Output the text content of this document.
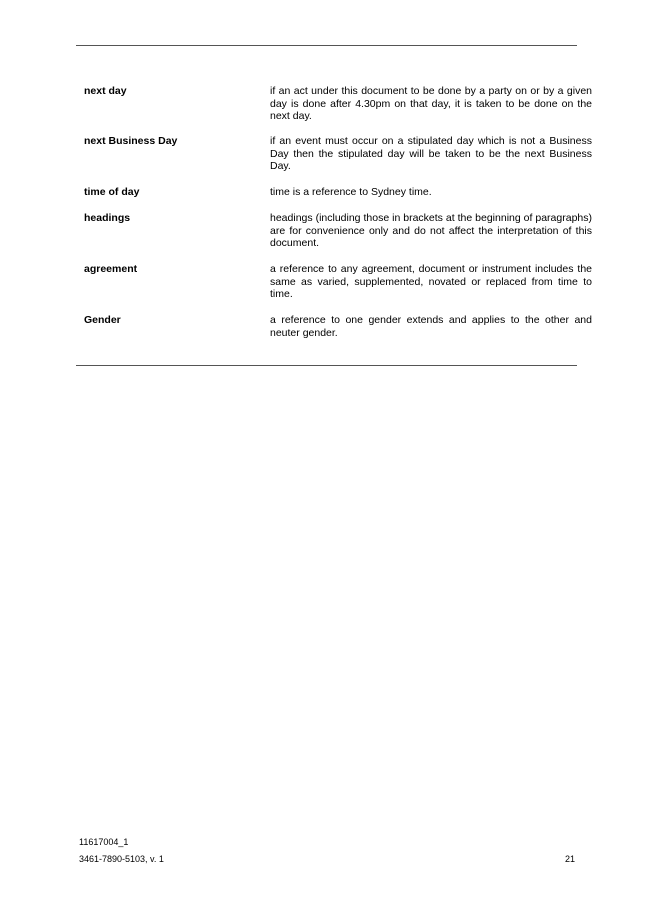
next day	if an act under this document to be done by a party on or by a given day is done after 4.30pm on that day, it is taken to be done on the next day.
next Business Day	if an event must occur on a stipulated day which is not a Business Day then the stipulated day will be taken to be the next Business Day.
time of day	time is a reference to Sydney time.
headings	headings (including those in brackets at the beginning of paragraphs) are for convenience only and do not affect the interpretation of this document.
agreement	a reference to any agreement, document or instrument includes the same as varied, supplemented, novated or replaced from time to time.
Gender	a reference to one gender extends and applies to the other and neuter gender.
11617004_1
3461-7890-5103, v. 1	21
